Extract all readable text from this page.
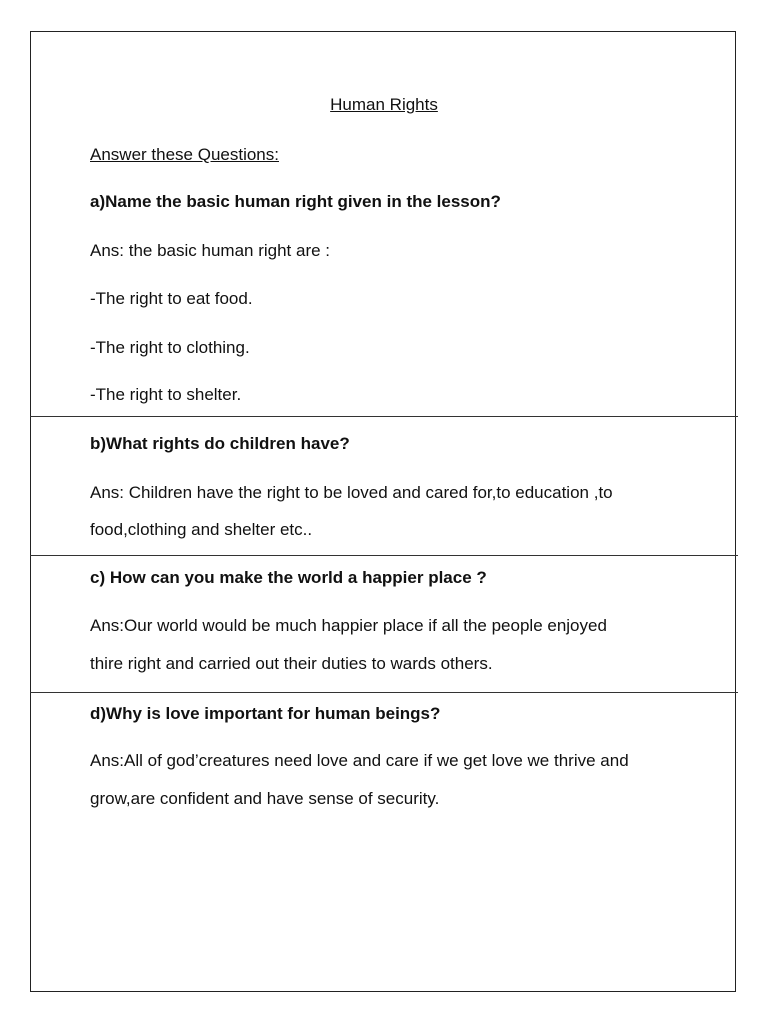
Human Rights
Answer these Questions:
a)Name the basic human right given in the lesson?
Ans: the basic human right are :
-The right to eat food.
-The right to clothing.
-The right to shelter.
b)What rights do children have?
Ans: Children have the right to be loved and cared for,to education ,to
food,clothing and shelter etc..
c) How can you make the world a happier place ?
Ans:Our world would be much happier place if all the people enjoyed
thire right and carried out their duties to wards others.
d)Why is love important for human beings?
Ans:All of god’creatures need love and care if we get love we thrive and
grow,are confident and have sense of security.
